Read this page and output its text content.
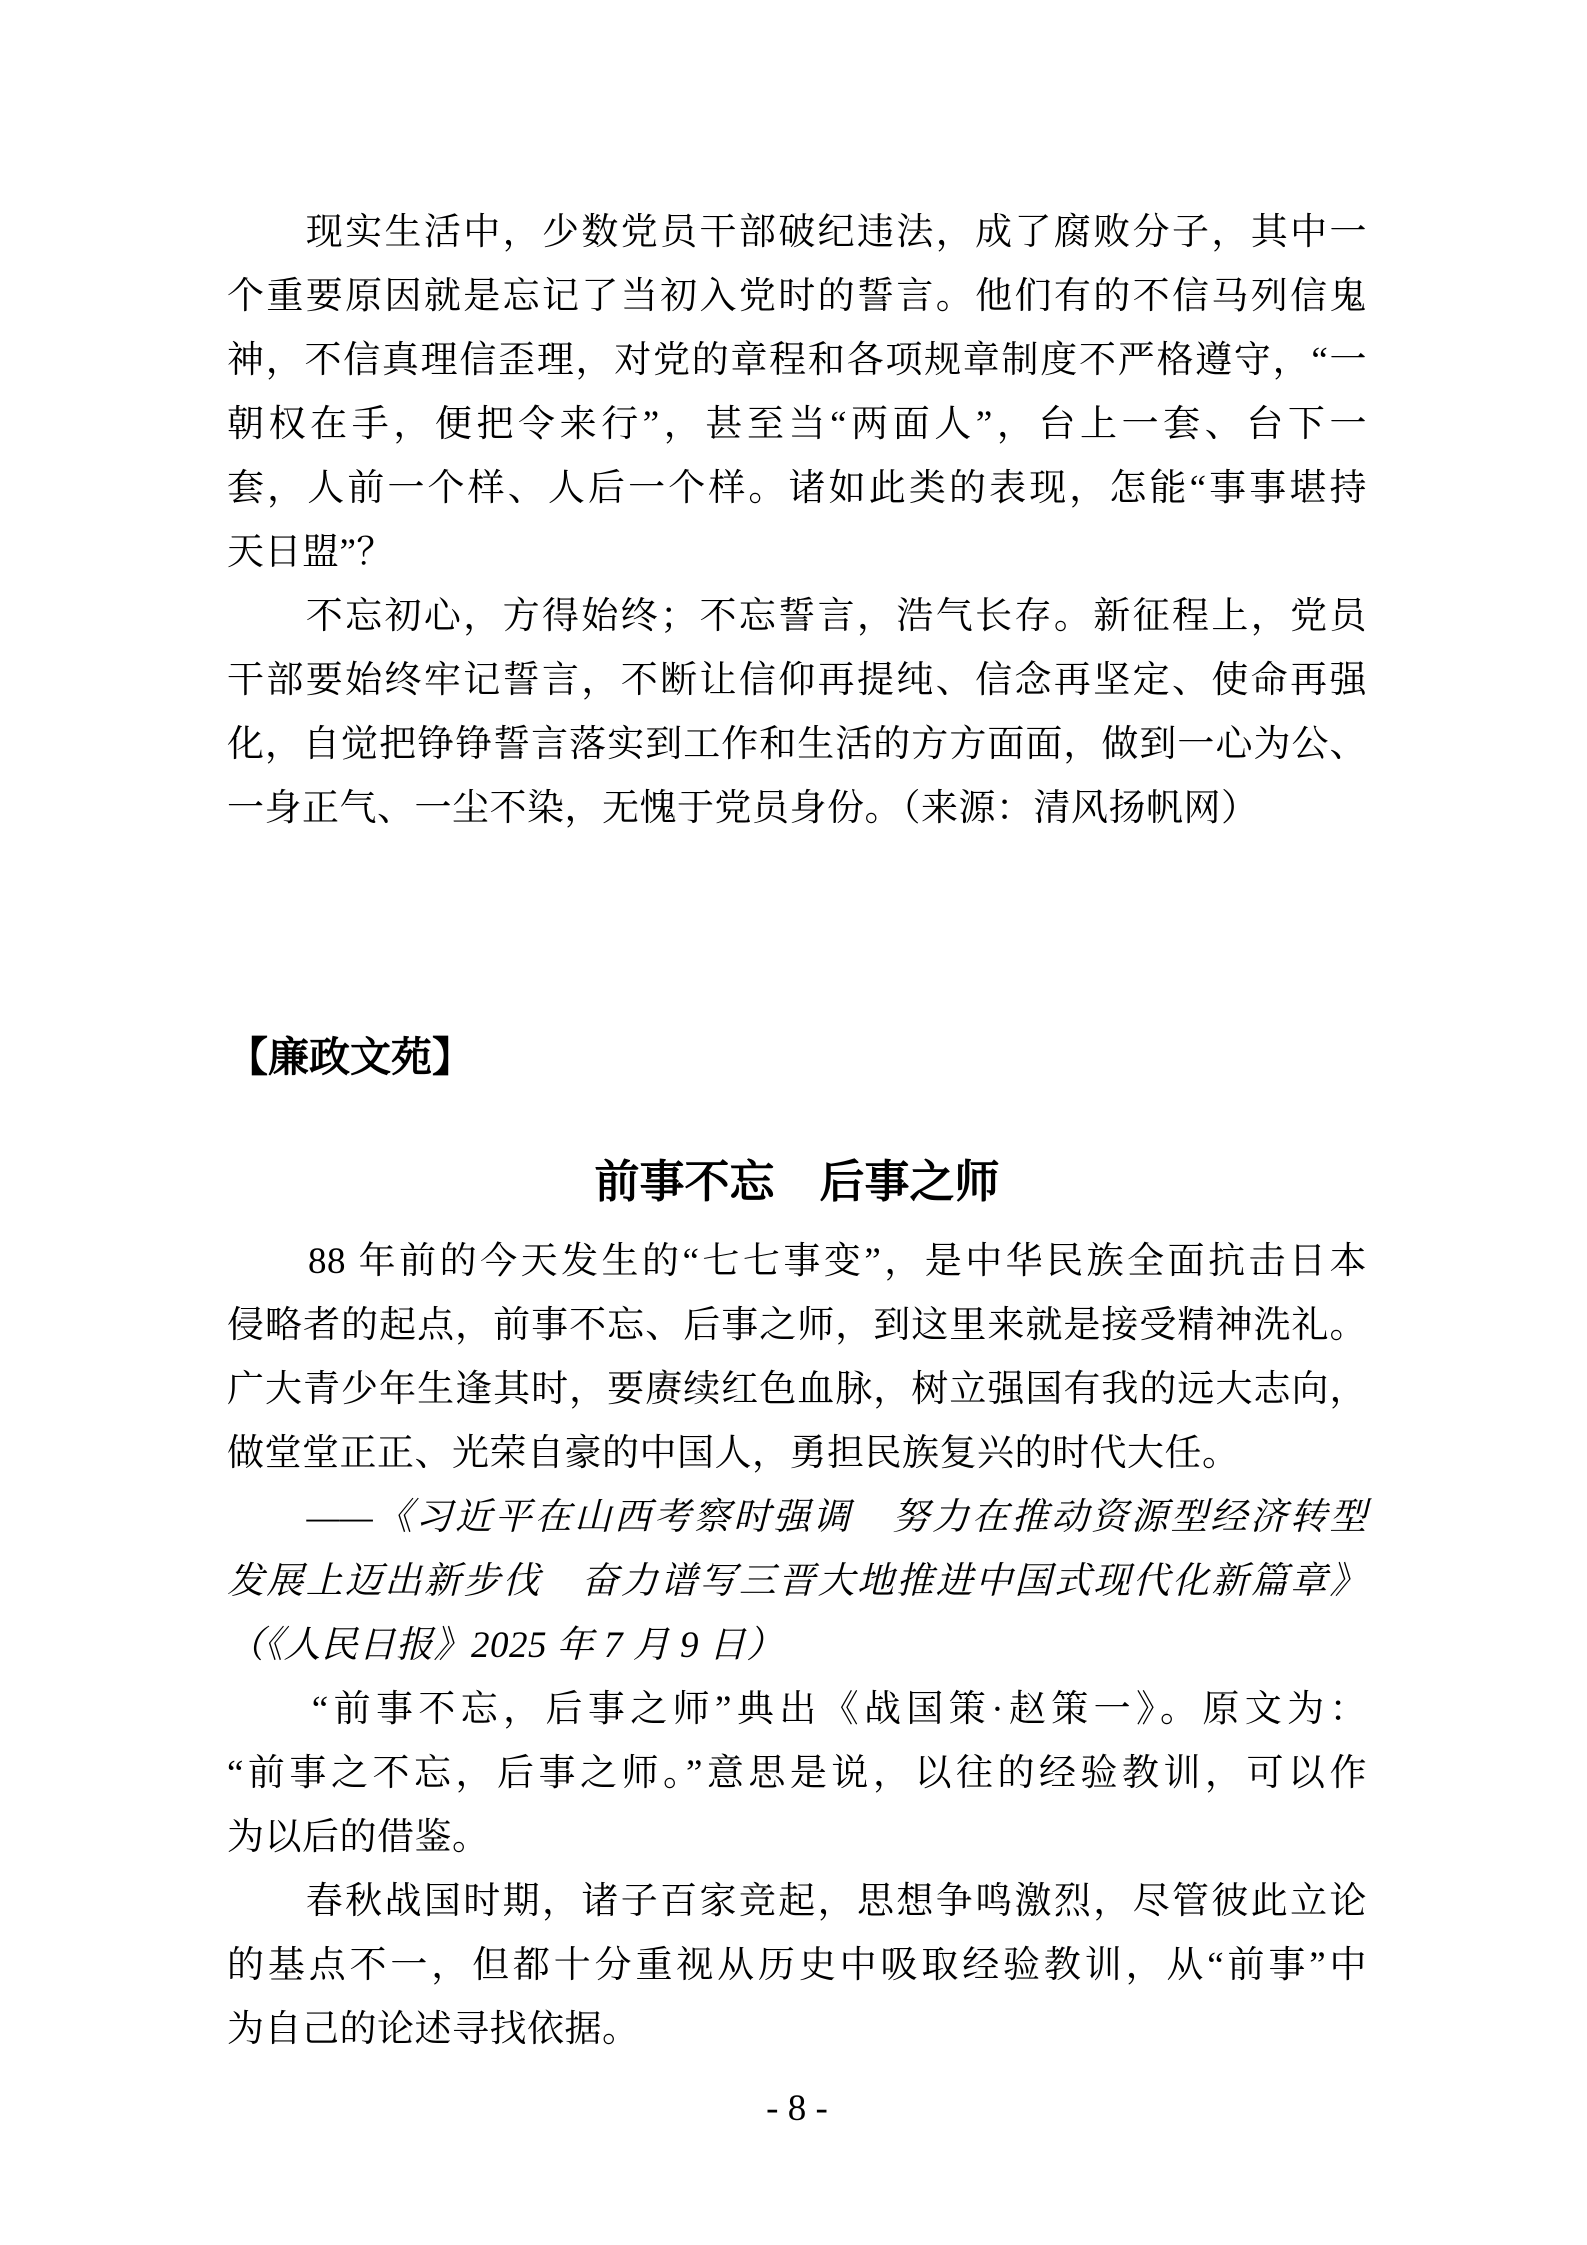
　　现实生活中，少数党员干部破纪违法，成了腐败分子，其中一
个重要原因就是忘记了当初入党时的誓言。他们有的不信马列信鬼
神，不信真理信歪理，对党的章程和各项规章制度不严格遵守，“一
朝权在手，便把令来行”，甚至当“两面人”，台上一套、台下一
套，人前一个样、人后一个样。诸如此类的表现，怎能“事事堪持
天日盟”？
　　不忘初心，方得始终；不忘誓言，浩气长存。新征程上，党员
干部要始终牢记誓言，不断让信仰再提纯、信念再坚定、使命再强
化，自觉把铮铮誓言落实到工作和生活的方方面面，做到一心为公、
一身正气、一尘不染，无愧于党员身份。（来源：清风扬帆网）
【廉政文苑】
前事不忘　后事之师
　　88 年前的今天发生的“七七事变”，是中华民族全面抗击日本
侵略者的起点，前事不忘、后事之师，到这里来就是接受精神洗礼。
广大青少年生逢其时，要赓续红色血脉，树立强国有我的远大志向，
做堂堂正正、光荣自豪的中国人，勇担民族复兴的时代大任。
　　——《习近平在山西考察时强调　努力在推动资源型经济转型
发展上迈出新步伐　奋力谱写三晋大地推进中国式现代化新篇章》
（《人民日报》2025 年 7 月 9 日）
　　“前事不忘，后事之师”典出《战国策·赵策一》。原文为：
“前事之不忘，后事之师。”意思是说，以往的经验教训，可以作
为以后的借鉴。
　　春秋战国时期，诸子百家竞起，思想争鸣激烈，尽管彼此立论
的基点不一，但都十分重视从历史中吸取经验教训，从“前事”中
为自己的论述寻找依据。
- 8 -
